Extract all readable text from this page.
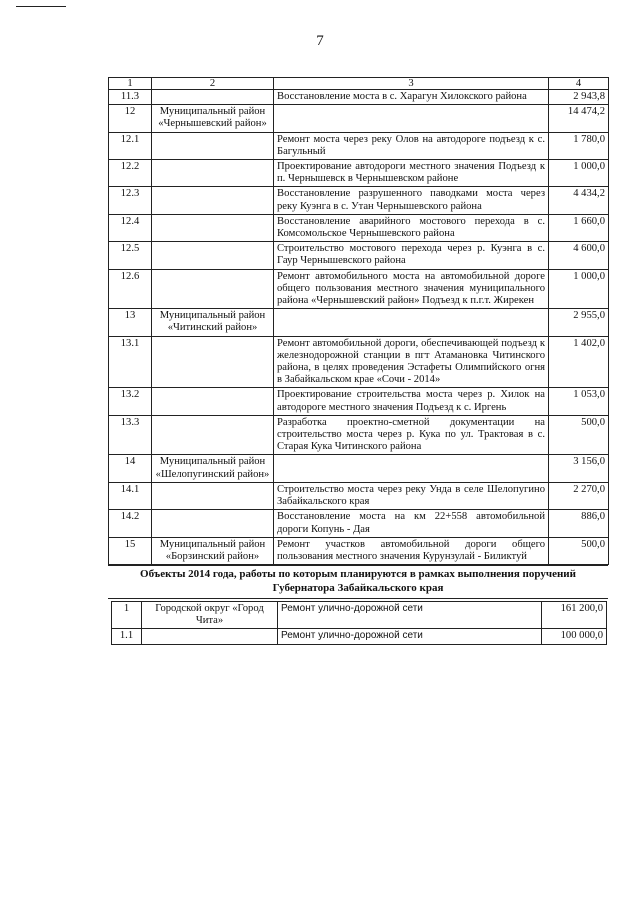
7
1	2	3	4
11.3		Восстановление моста в с. Харагун Хилокского района	2 943,8
12	Муниципальный район «Чернышевский район»		14 474,2
12.1		Ремонт моста через реку Олов на автодороге подъезд к с. Багульный	1 780,0
12.2		Проектирование автодороги местного значения Подъезд к п. Чернышевск в Чернышевском районе	1 000,0
12.3		Восстановление разрушенного паводками моста через реку Куэнга в с. Утан Чернышевского района	4 434,2
12.4		Восстановление аварийного мостового перехода в с. Комсомольское Чернышевского района	1 660,0
12.5		Строительство мостового перехода через р. Куэнга в с. Гаур Чернышевского района	4 600,0
12.6		Ремонт автомобильного моста на автомобильной дороге общего пользования местного значения муниципального района «Чернышевский район» Подъезд к п.г.т. Жирекен	1 000,0
13	Муниципальный район «Читинский район»		2 955,0
13.1		Ремонт автомобильной дороги, обеспечивающей подъезд к железнодорожной станции в пгт Атамановка Читинского района, в целях проведения Эстафеты Олимпийского огня в Забайкальском крае «Сочи - 2014»	1 402,0
13.2		Проектирование строительства моста через р. Хилок на автодороге местного значения Подъезд к с. Иргень	1 053,0
13.3		Разработка проектно-сметной документации на строительство моста через р. Кука по ул. Трактовая в с. Старая Кука Читинского района	500,0
14	Муниципальный район «Шелопугинский район»		3 156,0
14.1		Строительство моста через реку Унда в селе Шелопугино Забайкальского края	2 270,0
14.2		Восстановление моста на км 22+558 автомобильной дороги Копунь - Дая	886,0
15	Муниципальный район «Борзинский район»	Ремонт участков автомобильной дороги общего пользования местного значения Курунзулай - Биликтуй	500,0
Объекты 2014 года, работы по которым планируются в рамках выполнения поручений Губернатора Забайкальского края
1	Городской округ «Город Чита»	Ремонт улично-дорожной сети	161 200,0
1.1		Ремонт улично-дорожной сети	100 000,0
